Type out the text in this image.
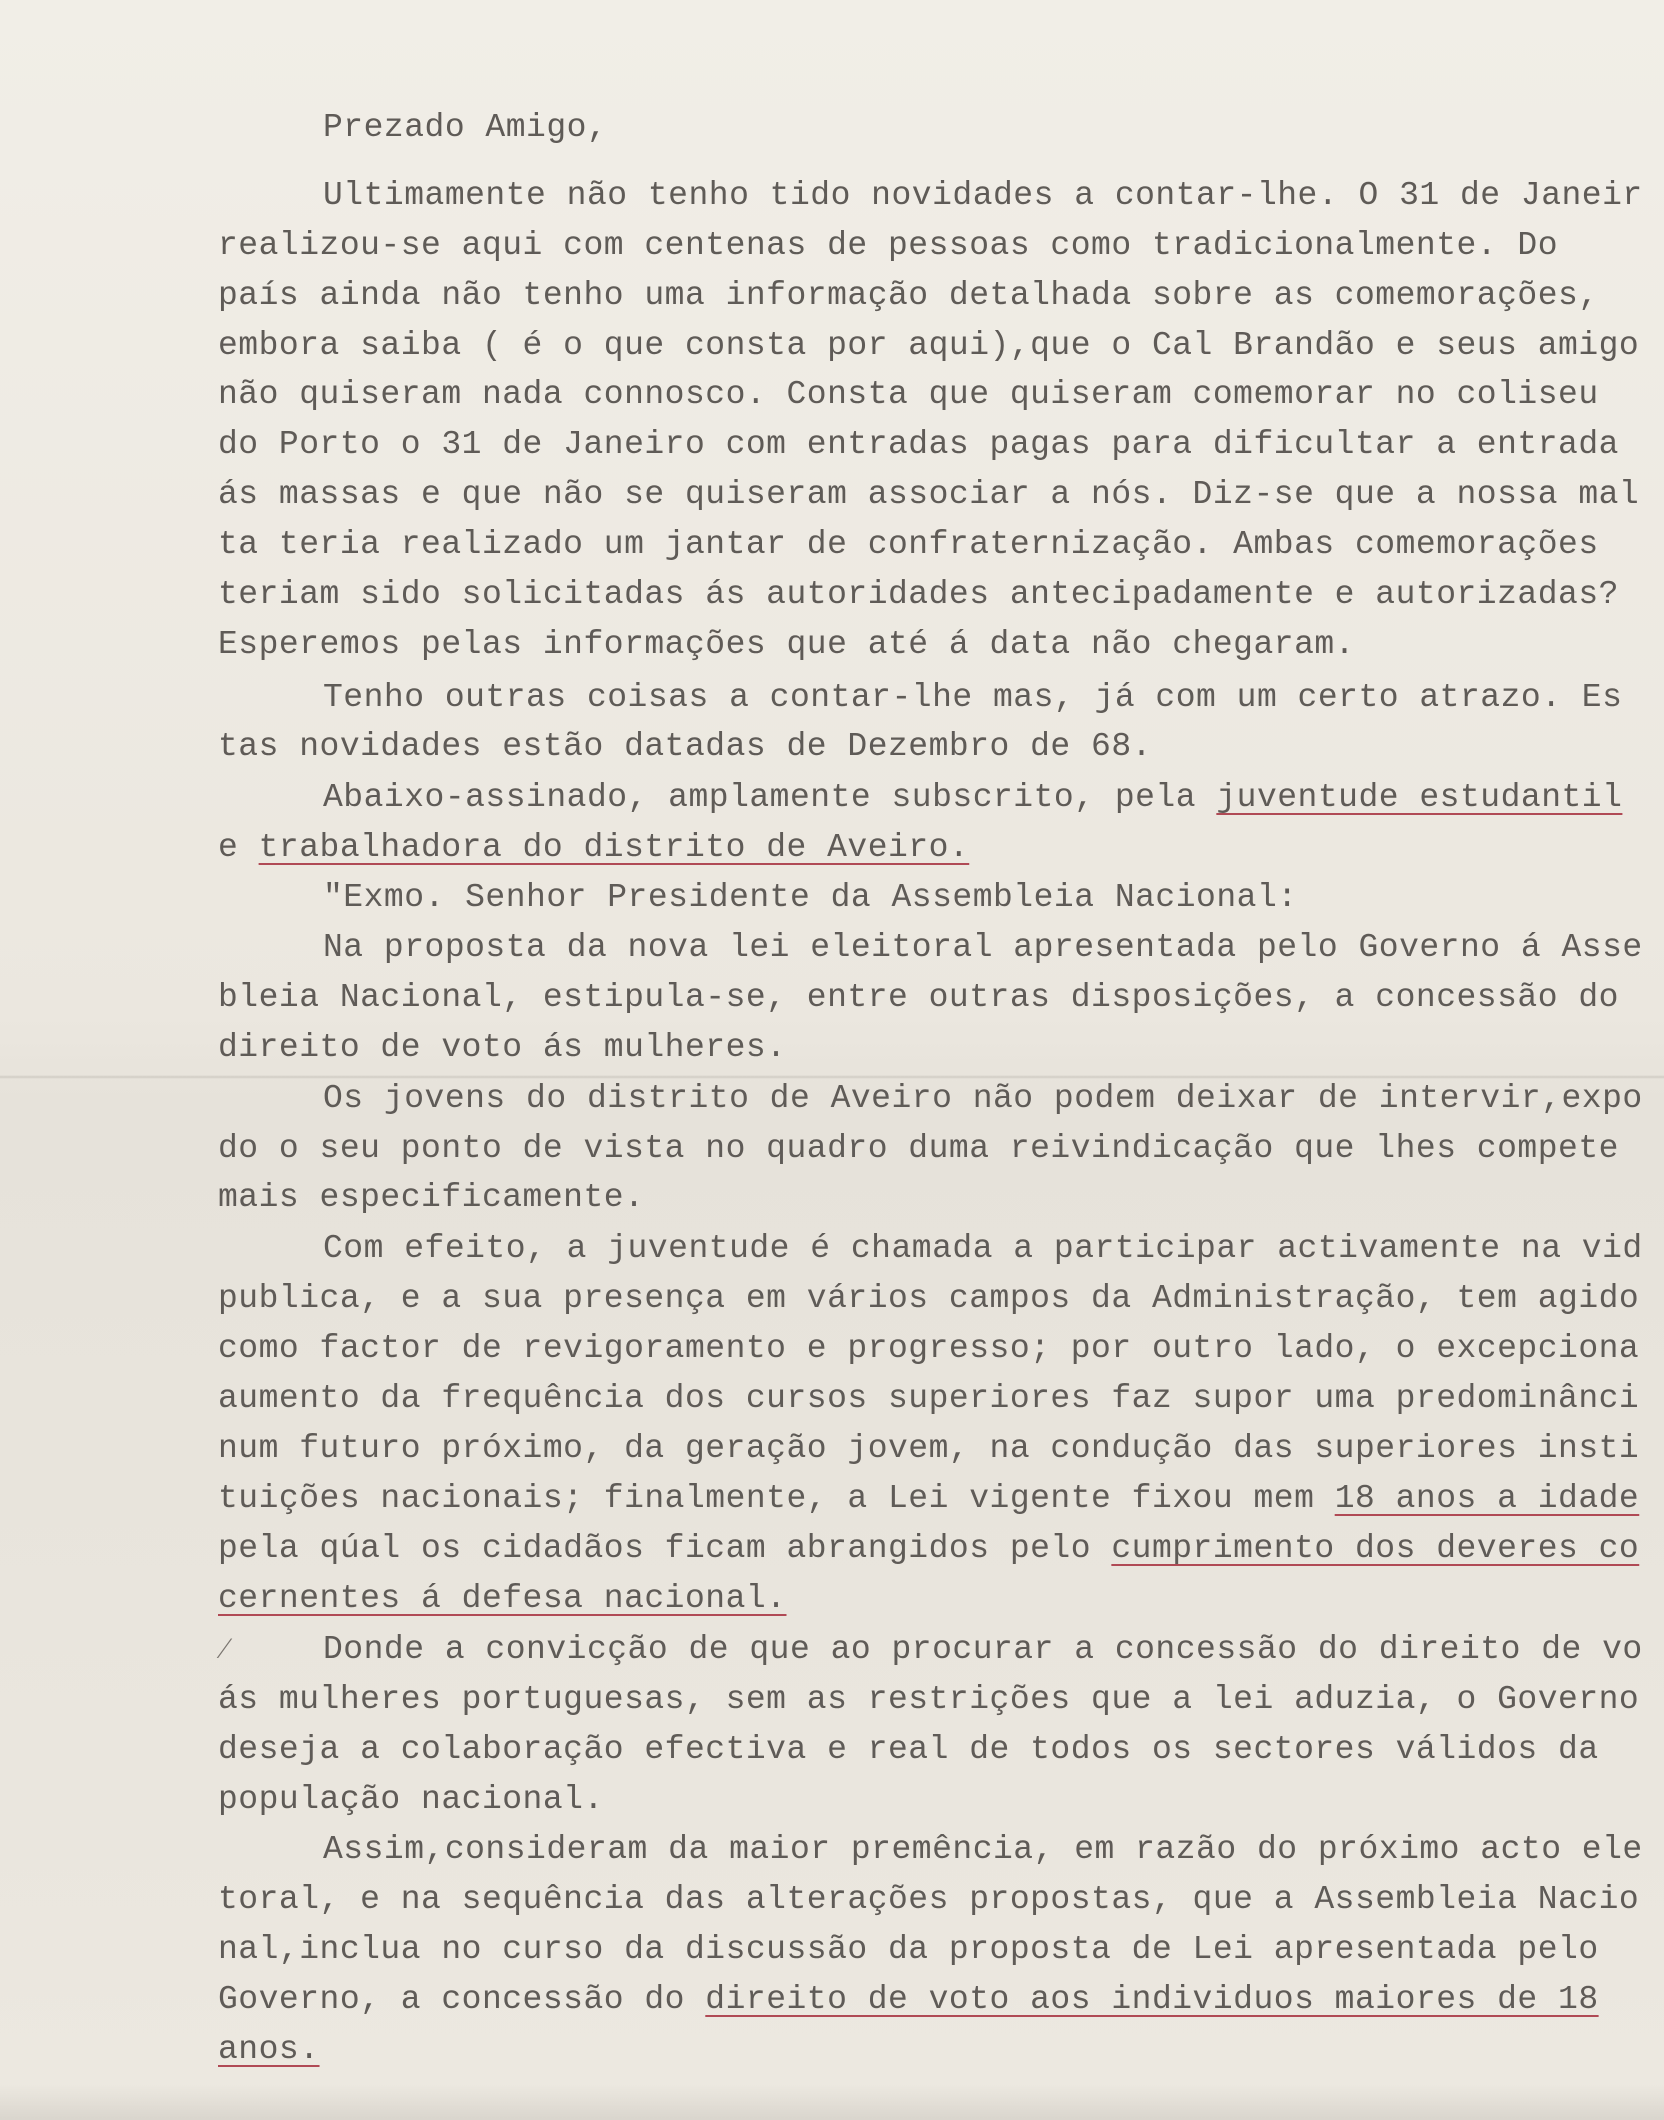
Prezado Amigo,

Ultimamente não tenho tido novidades a contar-lhe. O 31 de Janeir

realizou-se aqui com centenas de pessoas como tradicionalmente. Do

país ainda não tenho uma informação detalhada sobre as comemorações,

embora saiba ( é o que consta por aqui),que o Cal Brandão e seus amigo

não quiseram nada connosco. Consta que quiseram comemorar no coliseu

do Porto o 31 de Janeiro com entradas pagas para dificultar a entrada

ás massas e que não se quiseram associar a nós. Diz-se que a nossa mal

ta teria realizado um jantar de confraternização. Ambas comemorações

teriam sido solicitadas ás autoridades antecipadamente e autorizadas?

Esperemos pelas informações que até á data não chegaram.

Tenho outras coisas a contar-lhe mas, já com um certo atrazo. Es

tas novidades estão datadas de Dezembro de 68.

Abaixo-assinado, amplamente subscrito, pela juventude estudantil

e trabalhadora do distrito de Aveiro.

"Exmo. Senhor Presidente da Assembleia Nacional:

Na proposta da nova lei eleitoral apresentada pelo Governo á Asse

bleia Nacional, estipula-se, entre outras disposições, a concessão do

direito de voto ás mulheres.

Os jovens do distrito de Aveiro não podem deixar de intervir,expo

do o seu ponto de vista no quadro duma reivindicação que lhes compete

mais especificamente.

Com efeito, a juventude é chamada a participar activamente na vid

publica, e a sua presença em vários campos da Administração, tem agido

como factor de revigoramento e progresso; por outro lado, o excepciona

aumento da frequência dos cursos superiores faz supor uma predominânci

num futuro próximo, da geração jovem, na condução das superiores insti

tuições nacionais; finalmente, a Lei vigente fixou mem 18 anos a idade

pela qúal os cidadãos ficam abrangidos pelo cumprimento dos deveres co

cernentes á defesa nacional.

Donde a convicção de que ao procurar a concessão do direito de vo

ás mulheres portuguesas, sem as restrições que a lei aduzia, o Governo

deseja a colaboração efectiva e real de todos os sectores válidos da

população nacional.

Assim,consideram da maior premência, em razão do próximo acto ele

toral, e na sequência das alterações propostas, que a Assembleia Nacio

nal,inclua no curso da discussão da proposta de Lei apresentada pelo

Governo, a concessão do direito de voto aos individuos maiores de 18

anos.

⁄
